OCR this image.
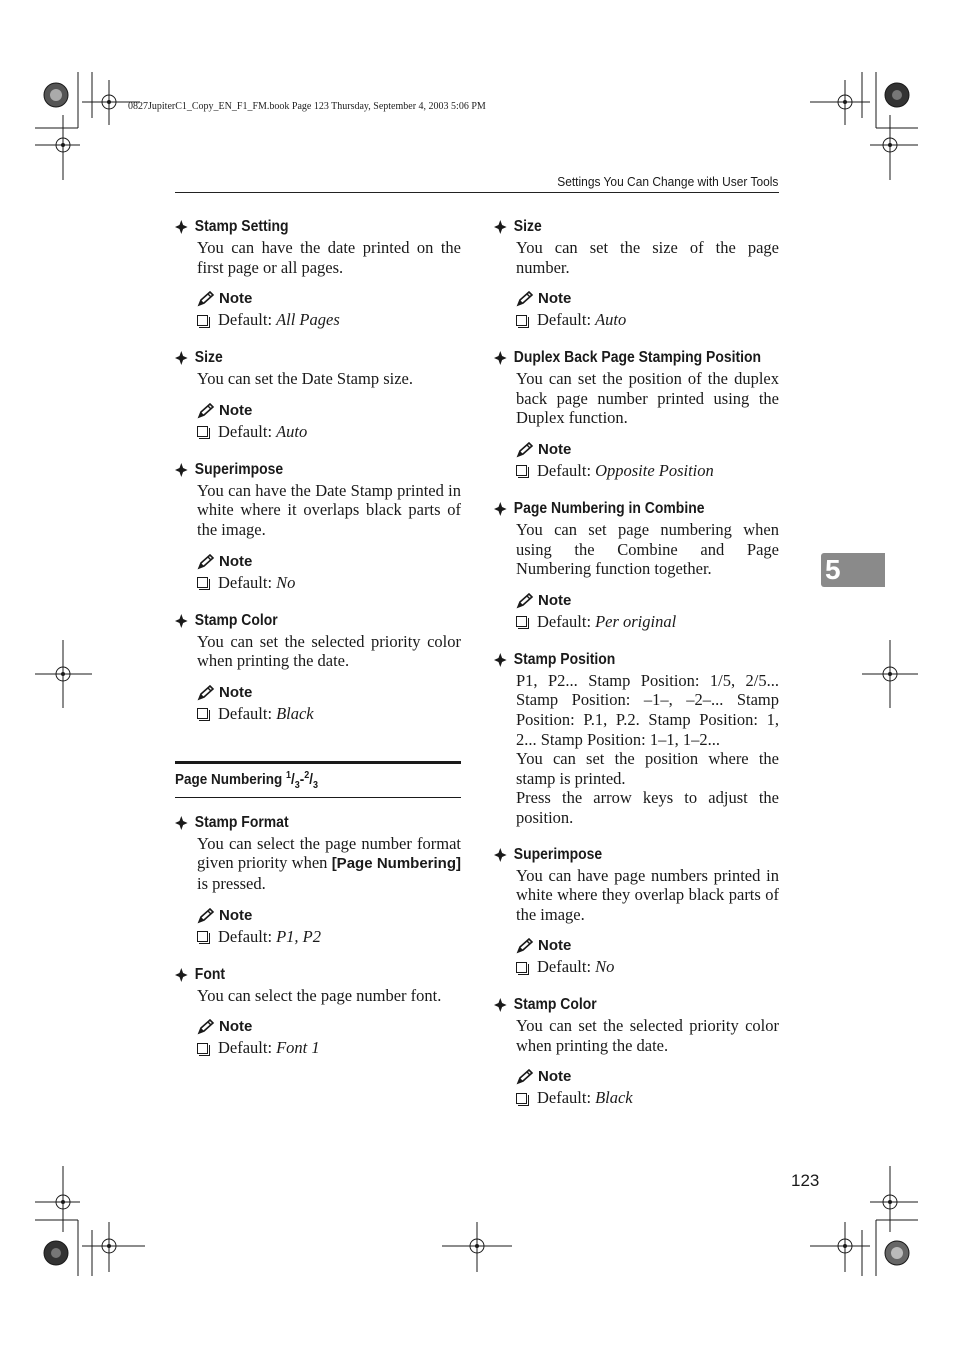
0827JupiterC1_Copy_EN_F1_FM.book Page 123 Thursday, September 4, 2003 5:06 PM
Settings You Can Change with User Tools
Stamp Setting
You can have the date printed on the first page or all pages.
Note
Default: All Pages
Size
You can set the Date Stamp size.
Note
Default: Auto
Superimpose
You can have the Date Stamp printed in white where it overlaps black parts of the image.
Note
Default: No
Stamp Color
You can set the selected priority color when printing the date.
Note
Default: Black
Page Numbering $^1/_3-^2/_3$
Stamp Format
You can select the page number format given priority when [Page Numbering] is pressed.
Note
Default: P1, P2
Font
You can select the page number font.
Note
Default: Font 1
Size
You can set the size of the page number.
Note
Default: Auto
Duplex Back Page Stamping Position
You can set the position of the duplex back page number printed using the Duplex function.
Note
Default: Opposite Position
Page Numbering in Combine
You can set page numbering when using the Combine and Page Numbering function together.
Note
Default: Per original
Stamp Position
P1, P2... Stamp Position: 1/5, 2/5... Stamp Position: –1–, –2–... Stamp Position: P.1, P.2. Stamp Position: 1, 2... Stamp Position: 1–1, 1–2...
You can set the position where the stamp is printed.
Press the arrow keys to adjust the position.
Superimpose
You can have page numbers printed in white where they overlap black parts of the image.
Note
Default: No
Stamp Color
You can set the selected priority color when printing the date.
Note
Default: Black
5
123
